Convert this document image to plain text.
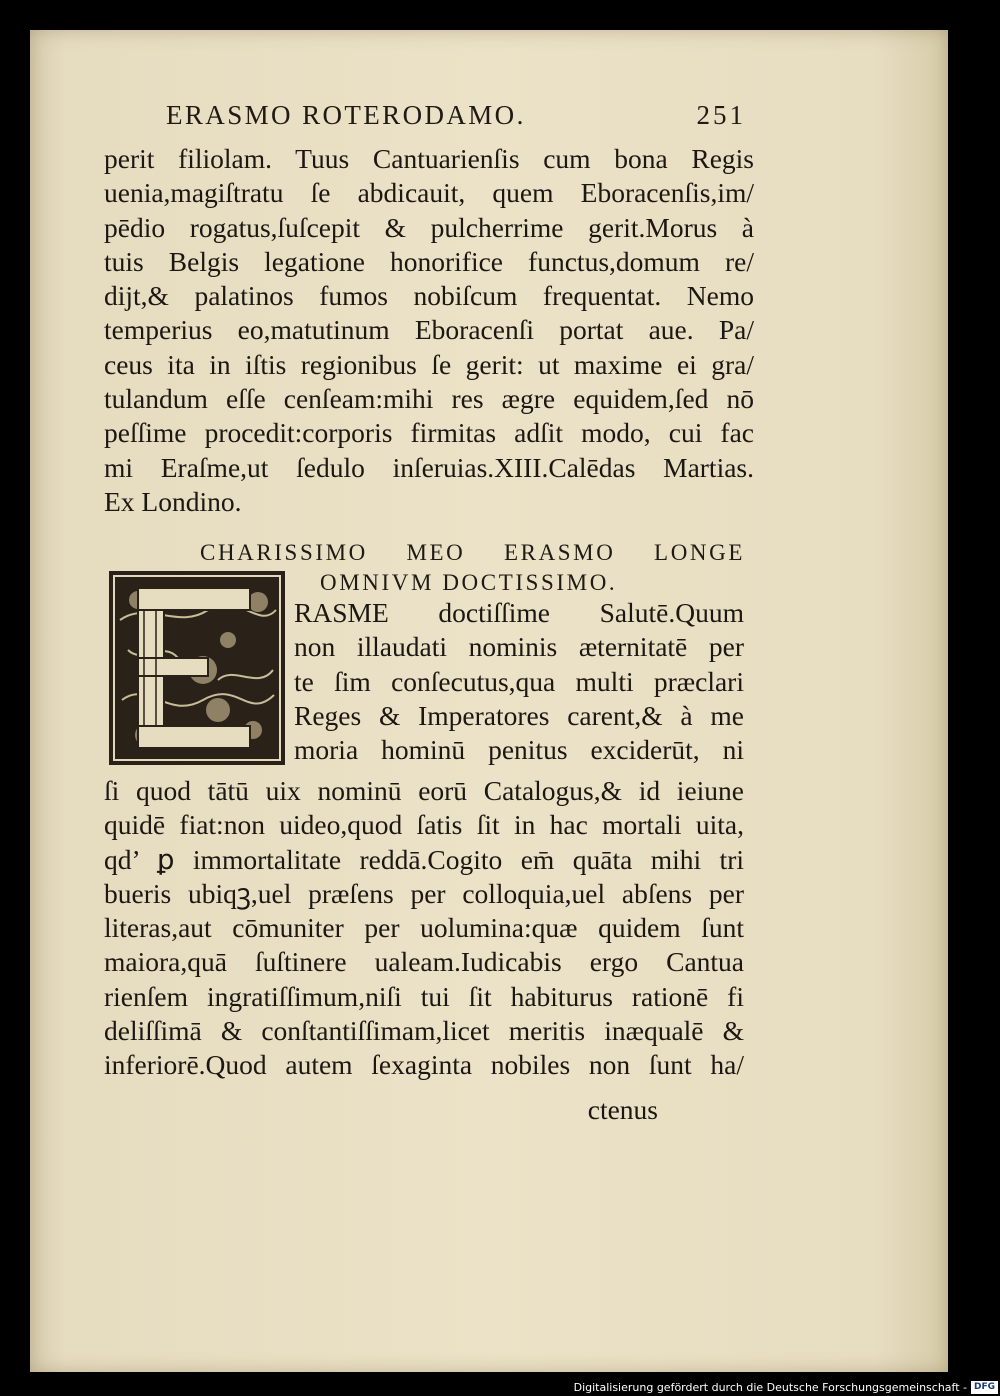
ERASMO ROTERODAMO.	251
perit filiolam. Tuus Cantuarienſis cum bona Regis
uenia,magiſtratu ſe abdicauit, quem Eboracenſis,im/
pēdio rogatus,ſuſcepit & pulcherrime gerit.Morus à
tuis Belgis legatione honorifice functus,domum re/
dijt,& palatinos fumos nobiſcum frequentat. Nemo
temperius eo,matutinum Eboracenſi portat aue. Pa/
ceus ita in iſtis regionibus ſe gerit: ut maxime ei gra/
tulandum eſſe cenſeam:mihi res ægre equidem,ſed nō
peſſime procedit:corporis firmitas adſit modo, cui fac
mi Eraſme,ut ſedulo inſeruias.XIII.Calēdas Martias.
Ex Londino.
CHARISSIMO MEO ERASMO LONGE
OMNIVM DOCTISSIMO.
RASME doctiſſime Salutē.Quum
non illaudati nominis æternitatē per
te ſim conſecutus,qua multi præclari
Reges & Imperatores carent,& à me
moria hominū penitus exciderūt, ni
ſi quod tātū uix nominū eorū Catalogus,& id ieiune
quidē fiat:non uideo,quod ſatis ſit in hac mortali uita,
qd’ ꝑ immortalitate reddā.Cogito em̄ quāta mihi tri
bueris ubiqꝫ,uel præſens per colloquia,uel abſens per
literas,aut cōmuniter per uolumina:quæ quidem ſunt
maiora,quā ſuſtinere ualeam.Iudicabis ergo Cantua
rienſem ingratiſſimum,niſi tui ſit habiturus rationē fi
deliſſimā & conſtantiſſimam,licet meritis inæqualē &
inferiorē.Quod autem ſexaginta nobiles non ſunt ha/
ctenus
Digitalisierung gefördert durch die Deutsche Forschungsgemeinschaft - DFG
